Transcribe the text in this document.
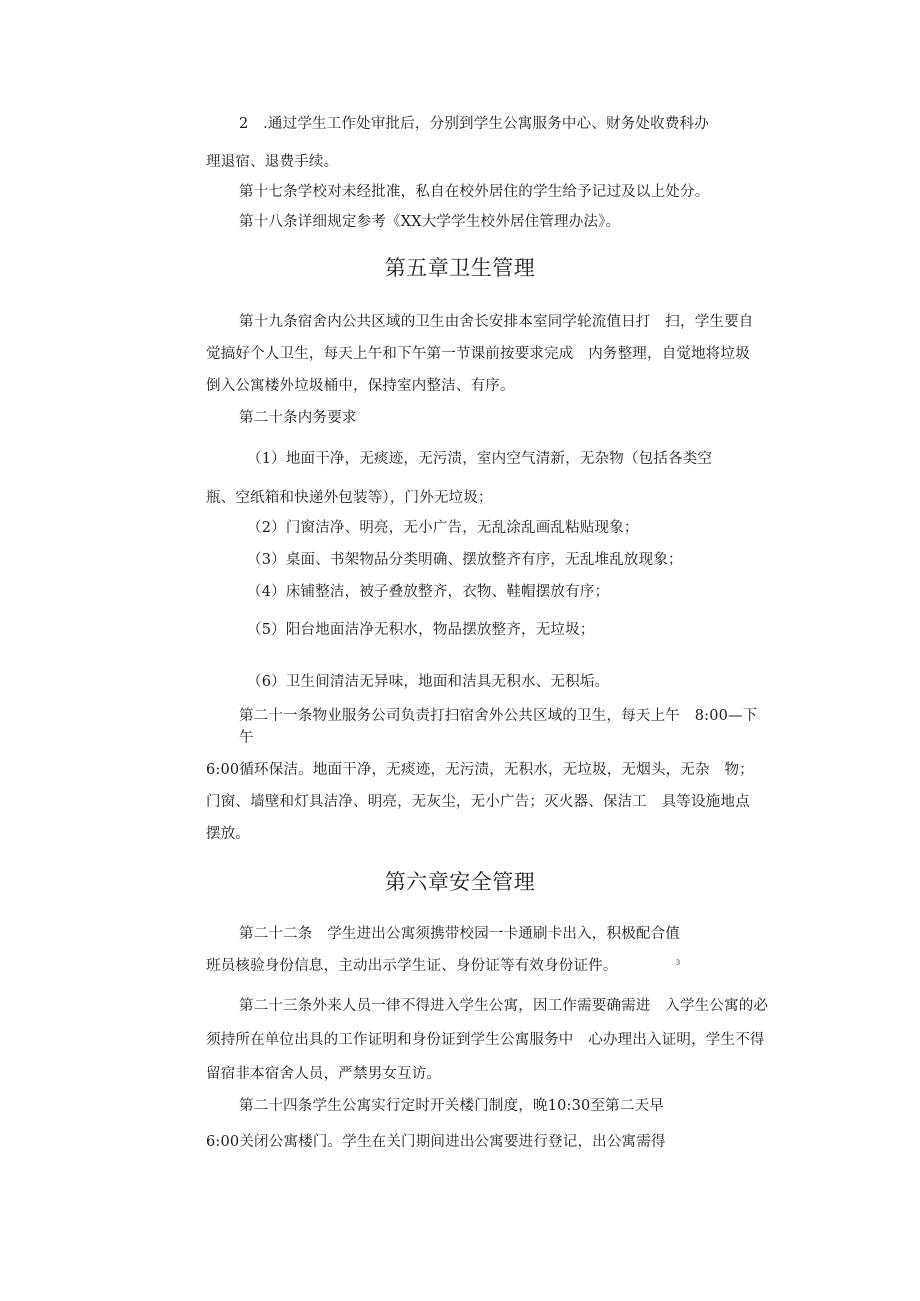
2　.通过学生工作处审批后，分别到学生公寓服务中心、财务处收费科办

理退宿、退费手续。

第十七条学校对未经批准，私自在校外居住的学生给予记过及以上处分。

第十八条详细规定参考《XX大学学生校外居住管理办法》。

第五章卫生管理

第十九条宿舍内公共区域的卫生由舍长安排本室同学轮流值日打　扫，学生要自

觉搞好个人卫生，每天上午和下午第一节课前按要求完成　内务整理，自觉地将垃圾

倒入公寓楼外垃圾桶中，保持室内整洁、有序。

第二十条内务要求

（1）地面干净，无痰迹，无污渍，室内空气清新，无杂物（包括各类空

瓶、空纸箱和快递外包装等），门外无垃圾；

（2）门窗洁净、明亮，无小广告，无乱涂乱画乱粘贴现象；

（3）桌面、书架物品分类明确、摆放整齐有序，无乱堆乱放现象；

（4）床铺整洁，被子叠放整齐，衣物、鞋帽摆放有序；

（5）阳台地面洁净无积水，物品摆放整齐，无垃圾；

（6）卫生间清洁无异味，地面和洁具无积水、无积垢。

第二十一条物业服务公司负责打扫宿舍外公共区域的卫生，每天上午　8:00—下

午

6:00循环保洁。地面干净，无痰迹，无污渍，无积水，无垃圾，无烟头，无杂　物；

门窗、墙壁和灯具洁净、明亮，无灰尘，无小广告；灭火器、保洁工　具等设施地点

摆放。

第六章安全管理

第二十二条　学生进出公寓须携带校园一卡通刷卡出入，积极配合值

班员核验身份信息，主动出示学生证、身份证等有效身份证件。	3

第二十三条外来人员一律不得进入学生公寓，因工作需要确需进　入学生公寓的必

须持所在单位出具的工作证明和身份证到学生公寓服务中　心办理出入证明，学生不得

留宿非本宿舍人员，严禁男女互访。

第二十四条学生公寓实行定时开关楼门制度，晚10:30至第二天早

6:00关闭公寓楼门。学生在关门期间进出公寓要进行登记，出公寓需得
